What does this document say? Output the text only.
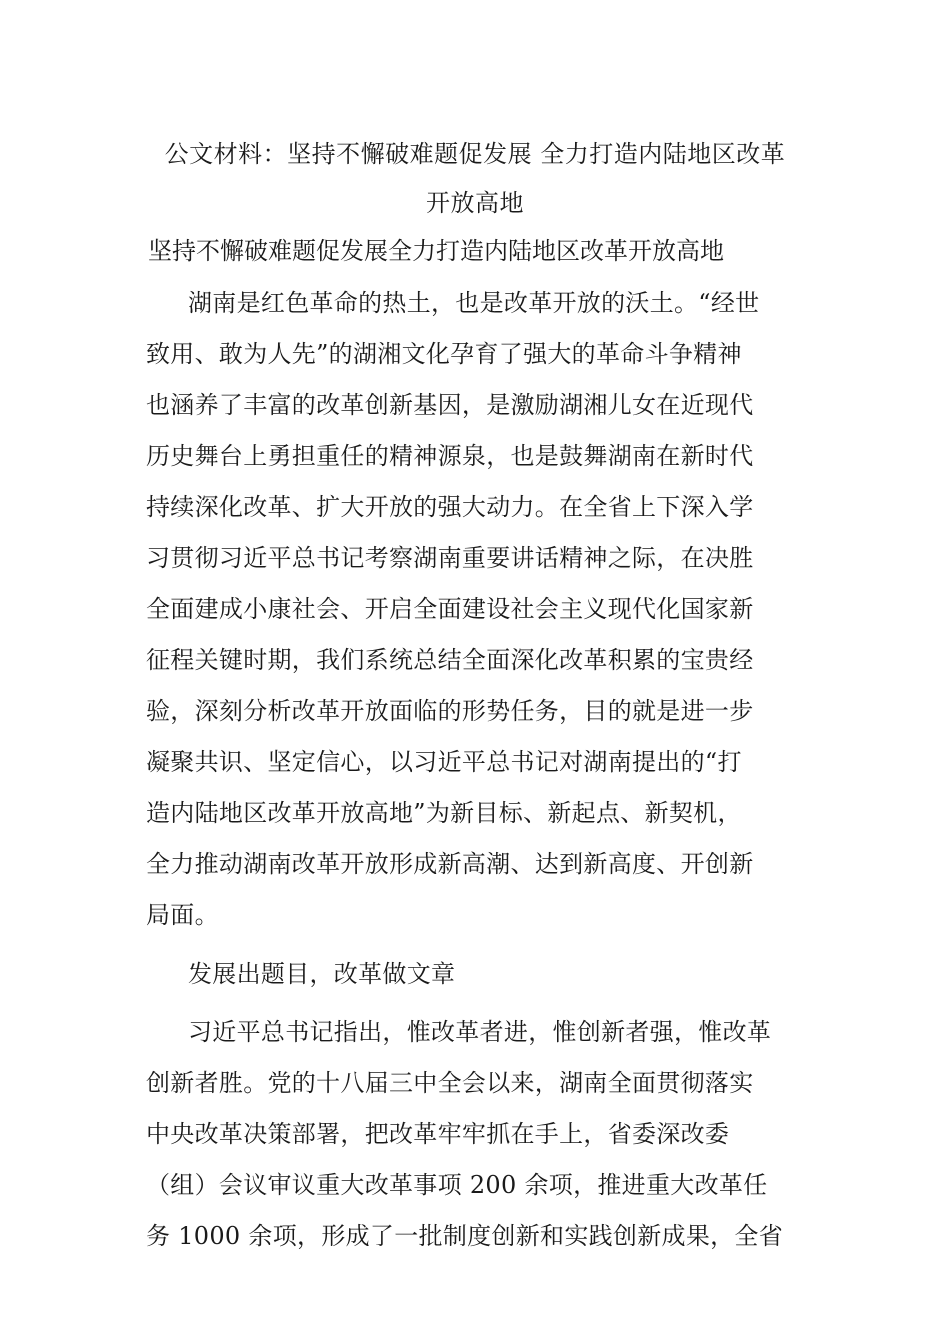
公文材料：坚持不懈破难题促发展 全力打造内陆地区改革
开放高地
坚持不懈破难题促发展全力打造内陆地区改革开放高地
湖南是红色革命的热土，也是改革开放的沃土。“经世
致用、敢为人先”的湖湘文化孕育了强大的革命斗争精神
也涵养了丰富的改革创新基因，是激励湖湘儿女在近现代
历史舞台上勇担重任的精神源泉，也是鼓舞湖南在新时代
持续深化改革、扩大开放的强大动力。在全省上下深入学
习贯彻习近平总书记考察湖南重要讲话精神之际，在决胜
全面建成小康社会、开启全面建设社会主义现代化国家新
征程关键时期，我们系统总结全面深化改革积累的宝贵经
验，深刻分析改革开放面临的形势任务，目的就是进一步
凝聚共识、坚定信心，以习近平总书记对湖南提出的“打
造内陆地区改革开放高地”为新目标、新起点、新契机，
全力推动湖南改革开放形成新高潮、达到新高度、开创新
局面。
发展出题目，改革做文章
习近平总书记指出，惟改革者进，惟创新者强，惟改革
创新者胜。党的十八届三中全会以来，湖南全面贯彻落实
中央改革决策部署，把改革牢牢抓在手上，省委深改委
（组）会议审议重大改革事项 200 余项，推进重大改革任
务 1000 余项，形成了一批制度创新和实践创新成果，全省
